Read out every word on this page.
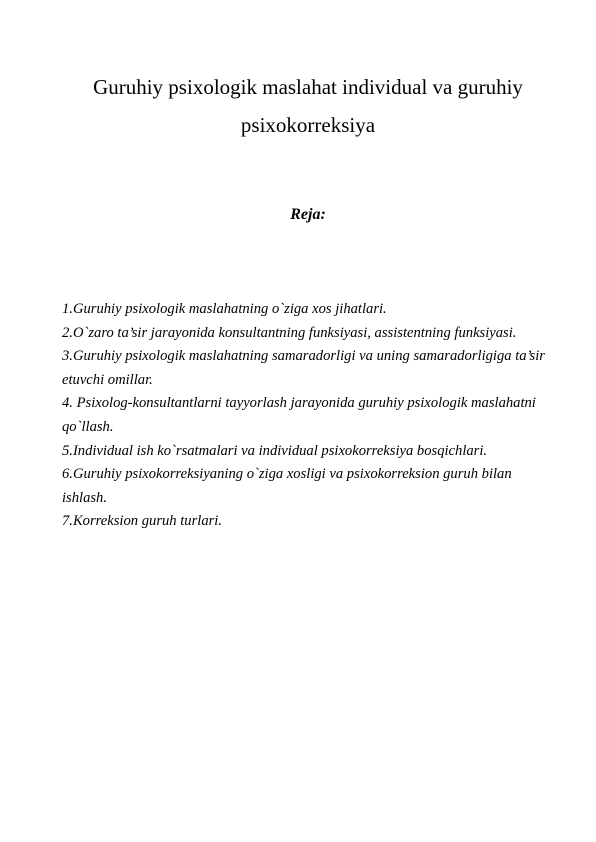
Guruhiy psixologik maslahat individual va guruhiy
psixokorreksiya
Reja:
1.Guruhiy psixologik maslahatning o`ziga xos jihatlari.
2.O`zaro ta’sir jarayonida konsultantning funksiyasi, assistentning funksiyasi.
3.Guruhiy psixologik maslahatning samaradorligi va uning samaradorligiga ta’sir etuvchi omillar.
4. Psixolog-konsultantlarni tayyorlash jarayonida guruhiy psixologik maslahatni qo`llash.
5.Individual ish ko`rsatmalari va individual psixokorreksiya bosqichlari.
6.Guruhiy psixokorreksiyaning o`ziga xosligi va psixokorreksion guruh bilan ishlash.
7.Korreksion guruh turlari.
